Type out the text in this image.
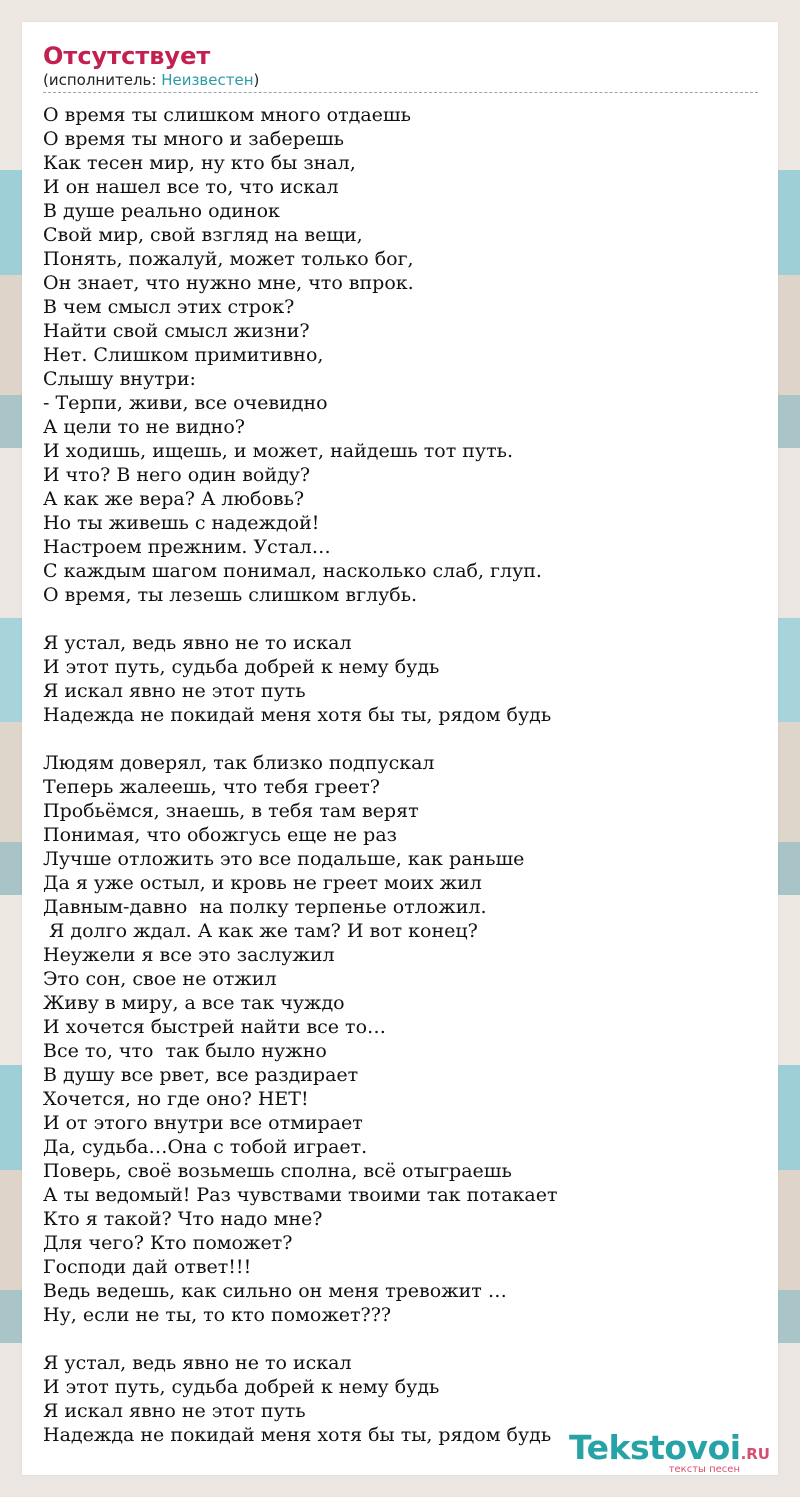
Отсутствует
(исполнитель: Неизвестен)
О время ты слишком много отдаешь
О время ты много и заберешь
Как тесен мир, ну кто бы знал,
И он нашел все то, что искал
В душе реально одинок
Свой мир, свой взгляд на вещи,
Понять, пожалуй, может только бог,
Он знает, что нужно мне, что впрок.
В чем смысл этих строк?
Найти свой смысл жизни?
Нет. Слишком примитивно,
Слышу внутри:
- Терпи, живи, все очевидно
А цели то не видно?
И ходишь, ищешь, и может, найдешь тот путь.
И что? В него один войду?
А как же вера? А любовь?
Но ты живешь с надеждой!
Настроем прежним. Устал…
С каждым шагом понимал, насколько слаб, глуп.
О время, ты лезешь слишком вглубь.
Я устал, ведь явно не то искал
И этот путь, судьба добрей к нему будь
Я искал явно не этот путь
Надежда не покидай меня хотя бы ты, рядом будь
Людям доверял, так близко подпускал
Теперь жалеешь, что тебя греет?
Пробьёмся, знаешь, в тебя там верят
Понимая, что обожгусь еще не раз
Лучше отложить это все подальше, как раньше
Да я уже остыл, и кровь не греет моих жил
Давным-давно  на полку терпенье отложил.
Я долго ждал. А как же там? И вот конец?
Неужели я все это заслужил
Это сон, свое не отжил
Живу в миру, а все так чуждо
И хочется быстрей найти все то…
Все то, что  так было нужно
В душу все рвет, все раздирает
Хочется, но где оно? НЕТ!
И от этого внутри все отмирает
Да, судьба…Она с тобой играет.
Поверь, своё возьмешь сполна, всё отыграешь
А ты ведомый! Раз чувствами твоими так потакает
Кто я такой? Что надо мне?
Для чего? Кто поможет?
Господи дай ответ!!!
Ведь ведешь, как сильно он меня тревожит …
Ну, если не ты, то кто поможет???
Я устал, ведь явно не то искал
И этот путь, судьба добрей к нему будь
Я искал явно не этот путь
Надежда не покидай меня хотя бы ты, рядом будь Tekstovoi.RU
тексты песен
